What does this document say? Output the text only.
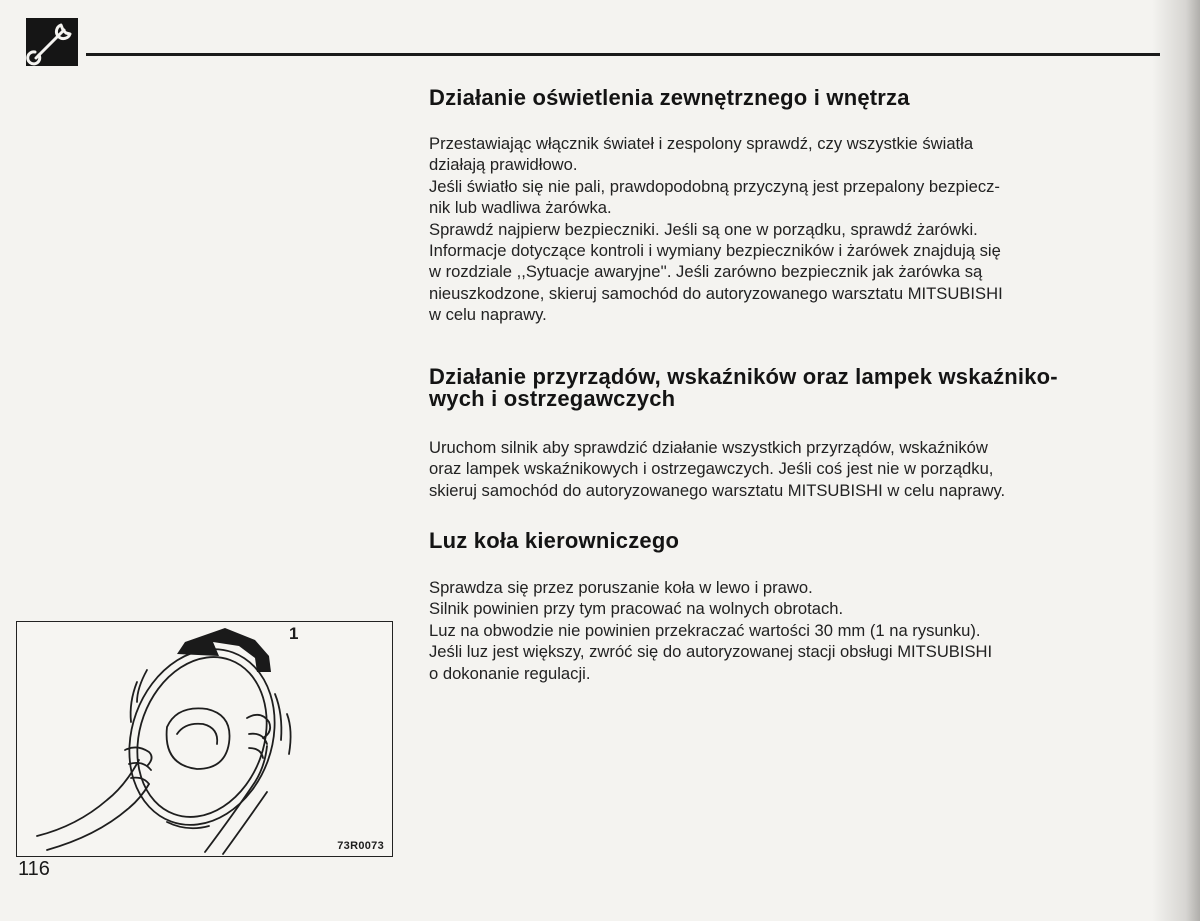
Działanie oświetlenia zewnętrznego i wnętrza

Przestawiając włącznik świateł i zespolony sprawdź, czy wszystkie światła
działają prawidłowo.
Jeśli światło się nie pali, prawdopodobną przyczyną jest przepalony bezpiecz-
nik lub wadliwa żarówka.
Sprawdź najpierw bezpieczniki. Jeśli są one w porządku, sprawdź żarówki.
Informacje dotyczące kontroli i wymiany bezpieczników i żarówek znajdują się
w rozdziale ,,Sytuacje awaryjne''. Jeśli zarówno bezpiecznik jak żarówka są
nieuszkodzone, skieruj samochód do autoryzowanego warsztatu MITSUBISHI
w celu naprawy.

Działanie przyrządów, wskaźników oraz lampek wskaźniko-
wych i ostrzegawczych

Uruchom silnik aby sprawdzić działanie wszystkich przyrządów, wskaźników
oraz lampek wskaźnikowych i ostrzegawczych. Jeśli coś jest nie w porządku,
skieruj samochód do autoryzowanego warsztatu MITSUBISHI w celu naprawy.

Luz koła kierowniczego

Sprawdza się przez poruszanie koła w lewo i prawo.
Silnik powinien przy tym pracować na wolnych obrotach.
Luz na obwodzie nie powinien przekraczać wartości 30 mm (1 na rysunku).
Jeśli luz jest większy, zwróć się do autoryzowanej stacji obsługi MITSUBISHI
o dokonanie regulacji.

1
73R0073
116
